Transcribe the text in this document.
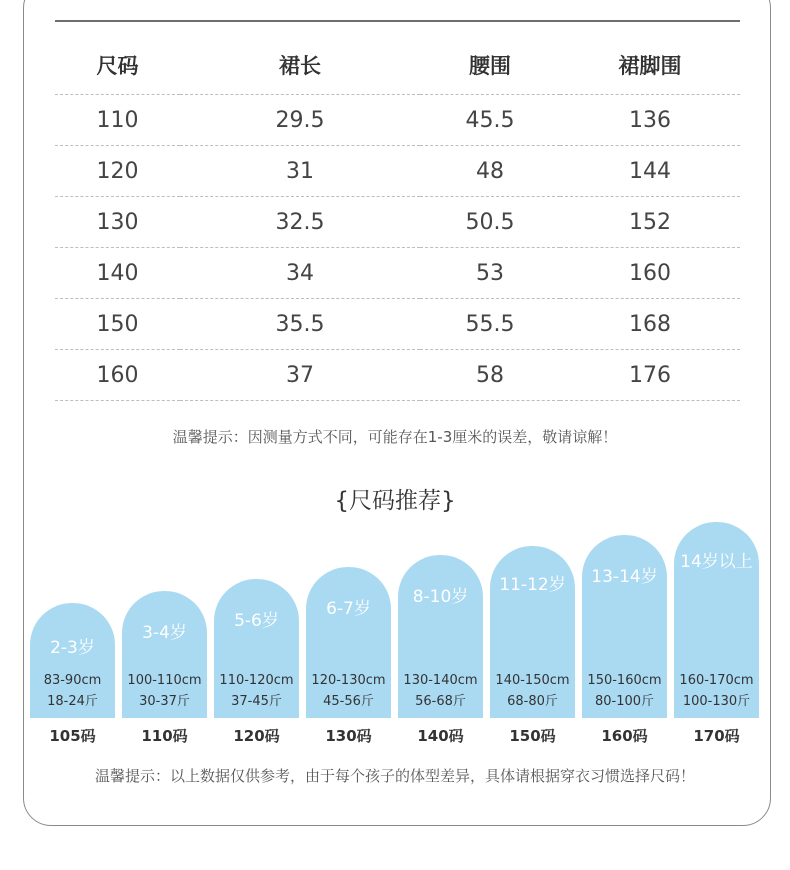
尺码	裙长	腰围	裙脚围
110	29.5	45.5	136
120	31	48	144
130	32.5	50.5	152
140	34	53	160
150	35.5	55.5	168
160	37	58	176
温馨提示：因测量方式不同，可能存在1-3厘米的误差，敬请谅解！
{尺码推荐}
2-3岁
83-90cm
18-24斤
3-4岁
100-110cm
30-37斤
5-6岁
110-120cm
37-45斤
6-7岁
120-130cm
45-56斤
8-10岁
130-140cm
56-68斤
11-12岁
140-150cm
68-80斤
13-14岁
150-160cm
80-100斤
14岁以上
160-170cm
100-130斤
105码	110码	120码	130码	140码	150码	160码	170码
温馨提示：以上数据仅供参考，由于每个孩子的体型差异，具体请根据穿衣习惯选择尺码！
